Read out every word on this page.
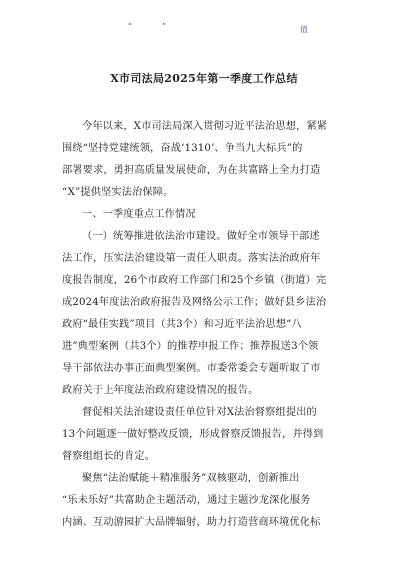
“	”	值
X市司法局2025年第一季度工作总结

今年以来，X市司法局深入贯彻习近平法治思想，紧紧

围绕“坚持党建统领，奋战‘1310’、争当九大标兵”的

部署要求，勇担高质量发展使命，为在共富路上全力打造

“X”提供坚实法治保障。

一、一季度重点工作情况

（一）统筹推进依法治市建设。做好全市领导干部述

法工作，压实法治建设第一责任人职责。落实法治政府年

度报告制度，26个市政府工作部门和25个乡镇（街道）完

成2024年度法治政府报告及网络公示工作；做好县乡法治

政府“最佳实践”项目（共3个）和习近平法治思想“八

进”典型案例（共3个）的推荐申报工作；推荐报送3个领

导干部依法办事正面典型案例。市委常委会专题听取了市

政府关于上年度法治政府建设情况的报告。

督促相关法治建设责任单位针对X法治督察组提出的

13个问题逐一做好整改反馈，形成督察反馈报告，并得到

督察组组长的肯定。

聚焦“法治赋能＋精准服务”双核驱动，创新推出

“乐未乐好”共富助企主题活动，通过主题沙龙深化服务

内涵、互动游园扩大品牌辐射，助力打造营商环境优化标
